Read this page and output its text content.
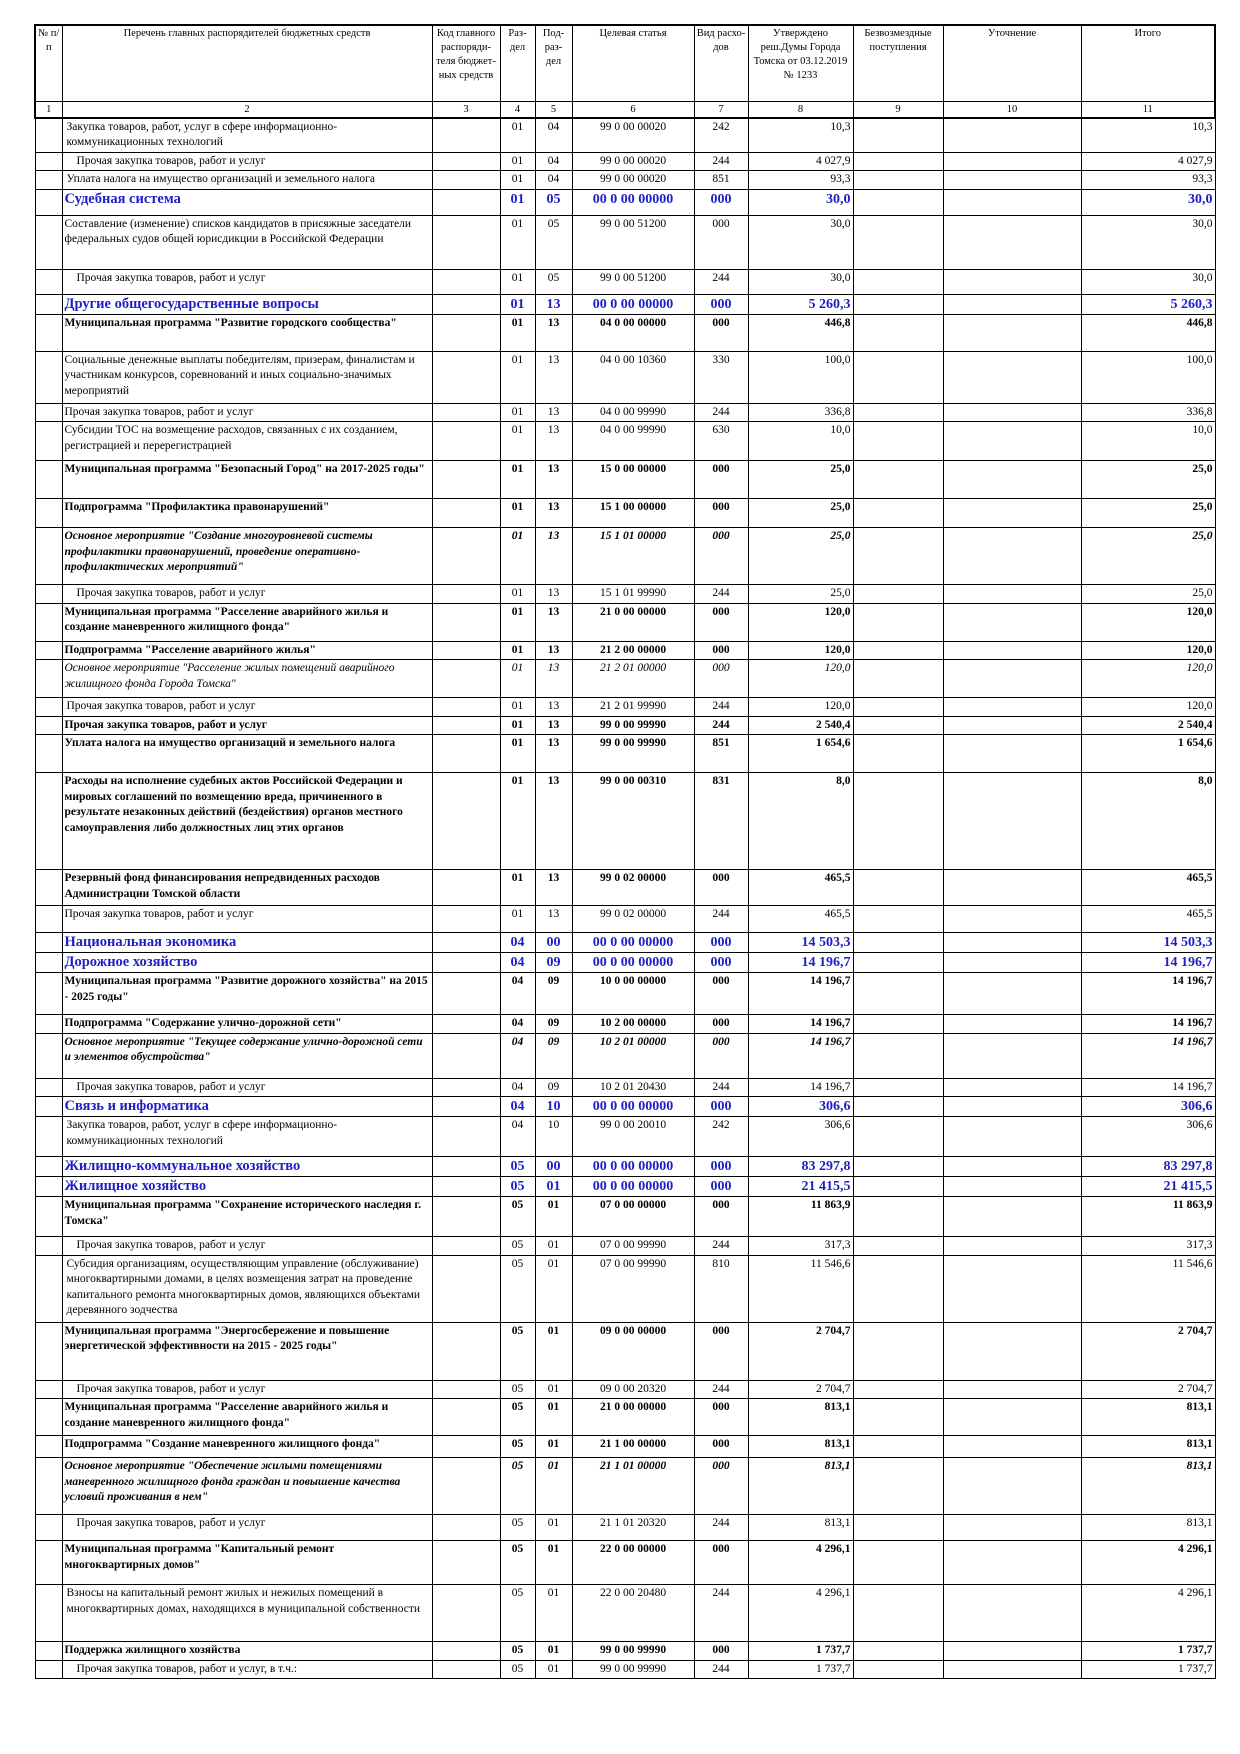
№ п/п	Перечень главных распорядителей бюджетных средств	Код главного распоряди-теля бюджет-ных средств	Раз-дел	Под-раз-дел	Целевая статья	Вид расхо-дов	Утверждено реш.Думы Города Томска от 03.12.2019 № 1233	Безвозмездные поступления	Уточнение	Итого
1	2	3	4	5	6	7	8	9	10	11
	Закупка товаров, работ, услуг в сфере информационно-коммуникационных технологий		01	04	99 0 00 00020	242	10,3			10,3
	Прочая закупка товаров, работ и услуг		01	04	99 0 00 00020	244	4 027,9			4 027,9
	Уплата налога на имущество организаций и земельного налога		01	04	99 0 00 00020	851	93,3			93,3
	Судебная система		01	05	00 0 00 00000	000	30,0			30,0
	Составление (изменение) списков кандидатов в присяжные заседатели федеральных судов общей юрисдикции в Российской Федерации		01	05	99 0 00 51200	000	30,0			30,0
	Прочая закупка товаров, работ и услуг		01	05	99 0 00 51200	244	30,0			30,0
	Другие общегосударственные вопросы		01	13	00 0 00 00000	000	5 260,3			5 260,3
	Муниципальная программа "Развитие городского сообщества"		01	13	04 0 00 00000	000	446,8			446,8
	Социальные денежные выплаты победителям, призерам, финалистам и участникам конкурсов, соревнований и иных социально-значимых мероприятий		01	13	04 0 00 10360	330	100,0			100,0
	Прочая закупка товаров, работ и услуг		01	13	04 0 00 99990	244	336,8			336,8
	Субсидии ТОС на возмещение расходов, связанных с их созданием, регистрацией и перерегистрацией		01	13	04 0 00 99990	630	10,0			10,0
	Муниципальная программа "Безопасный Город" на 2017-2025 годы"		01	13	15 0 00 00000	000	25,0			25,0
	Подпрограмма "Профилактика правонарушений"		01	13	15 1 00 00000	000	25,0			25,0
	Основное мероприятие "Создание многоуровневой системы профилактики правонарушений, проведение оперативно-профилактических мероприятий"		01	13	15 1 01 00000	000	25,0			25,0
	Прочая закупка товаров, работ и услуг		01	13	15 1 01 99990	244	25,0			25,0
	Муниципальная программа "Расселение аварийного жилья и создание маневренного жилищного фонда"		01	13	21 0 00 00000	000	120,0			120,0
	Подпрограмма "Расселение аварийного жилья"		01	13	21 2 00 00000	000	120,0			120,0
	Основное мероприятие "Расселение жилых помещений аварийного жилищного фонда Города Томска"		01	13	21 2 01 00000	000	120,0			120,0
	Прочая закупка товаров, работ и услуг		01	13	21 2 01 99990	244	120,0			120,0
	Прочая закупка товаров, работ и услуг		01	13	99 0 00 99990	244	2 540,4			2 540,4
	Уплата налога на имущество организаций и земельного налога		01	13	99 0 00 99990	851	1 654,6			1 654,6
	Расходы на исполнение судебных актов Российской Федерации и мировых соглашений по возмещению вреда, причиненного в результате незаконных действий (бездействия) органов местного самоуправления либо должностных лиц этих органов		01	13	99 0 00 00310	831	8,0			8,0
	Резервный фонд финансирования непредвиденных расходов Администрации Томской области		01	13	99 0 02 00000	000	465,5			465,5
	Прочая закупка товаров, работ и услуг		01	13	99 0 02 00000	244	465,5			465,5
	Национальная экономика		04	00	00 0 00 00000	000	14 503,3			14 503,3
	Дорожное хозяйство		04	09	00 0 00 00000	000	14 196,7			14 196,7
	Муниципальная программа "Развитие дорожного хозяйства" на 2015 - 2025 годы"		04	09	10 0 00 00000	000	14 196,7			14 196,7
	Подпрограмма "Содержание улично-дорожной сети"		04	09	10 2 00 00000	000	14 196,7			14 196,7
	Основное мероприятие "Текущее содержание улично-дорожной сети и элементов обустройства"		04	09	10 2 01 00000	000	14 196,7			14 196,7
	Прочая закупка товаров, работ и услуг		04	09	10 2 01 20430	244	14 196,7			14 196,7
	Связь и информатика		04	10	00 0 00 00000	000	306,6			306,6
	Закупка товаров, работ, услуг в сфере информационно-коммуникационных технологий		04	10	99 0 00 20010	242	306,6			306,6
	Жилищно-коммунальное хозяйство		05	00	00 0 00 00000	000	83 297,8			83 297,8
	Жилищное хозяйство		05	01	00 0 00 00000	000	21 415,5			21 415,5
	Муниципальная программа "Сохранение исторического наследия г. Томска"		05	01	07 0 00 00000	000	11 863,9			11 863,9
	Прочая закупка товаров, работ и услуг		05	01	07 0 00 99990	244	317,3			317,3
	Субсидия организациям, осуществляющим управление (обслуживание) многоквартирными домами, в целях возмещения затрат на проведение капитального ремонта многоквартирных домов, являющихся объектами деревянного зодчества		05	01	07 0 00 99990	810	11 546,6			11 546,6
	Муниципальная программа "Энергосбережение и повышение энергетической эффективности на 2015 - 2025 годы"		05	01	09 0 00 00000	000	2 704,7			2 704,7
	Прочая закупка товаров, работ и услуг		05	01	09 0 00 20320	244	2 704,7			2 704,7
	Муниципальная программа "Расселение аварийного жилья и создание маневренного жилищного фонда"		05	01	21 0 00 00000	000	813,1			813,1
	Подпрограмма "Создание маневренного жилищного фонда"		05	01	21 1 00 00000	000	813,1			813,1
	Основное мероприятие "Обеспечение жилыми помещениями маневренного жилищного фонда граждан и повышение качества условий проживания в нем"		05	01	21 1 01 00000	000	813,1			813,1
	Прочая закупка товаров, работ и услуг		05	01	21 1 01 20320	244	813,1			813,1
	Муниципальная программа "Капитальный ремонт многоквартирных домов"		05	01	22 0 00 00000	000	4 296,1			4 296,1
	Взносы на капитальный ремонт жилых и нежилых помещений в многоквартирных домах, находящихся в муниципальной собственности		05	01	22 0 00 20480	244	4 296,1			4 296,1
	Поддержка жилищного хозяйства		05	01	99 0 00 99990	000	1 737,7			1 737,7
	Прочая закупка товаров, работ и услуг, в т.ч.:		05	01	99 0 00 99990	244	1 737,7			1 737,7
